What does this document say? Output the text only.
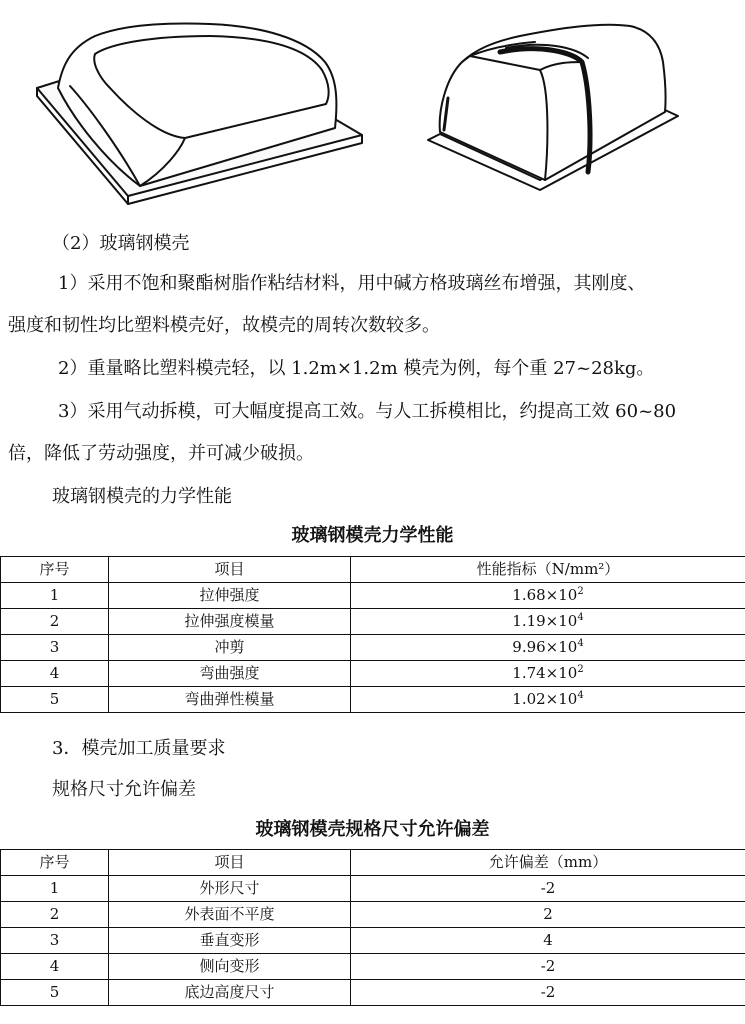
（2）玻璃钢模壳
1）采用不饱和聚酯树脂作粘结材料，用中碱方格玻璃丝布增强，其刚度、
强度和韧性均比塑料模壳好，故模壳的周转次数较多。
2）重量略比塑料模壳轻，以 1.2m×1.2m 模壳为例，每个重 27~28kg。
3）采用气动拆模，可大幅度提高工效。与人工拆模相比，约提高工效 60~80
倍，降低了劳动强度，并可减少破损。
玻璃钢模壳的力学性能
玻璃钢模壳力学性能
序号	项目	性能指标（N/mm²）
1	拉伸强度	$1.68\times 10^2$
2	拉伸强度模量	$1.19\times 10^4$
3	冲剪	$9.96\times 10^4$
4	弯曲强度	$1.74\times 10^2$
5	弯曲弹性模量	$1.02\times 10^4$
3．模壳加工质量要求
规格尺寸允许偏差
玻璃钢模壳规格尺寸允许偏差
序号	项目	允许偏差（mm）
1	外形尺寸	-2
2	外表面不平度	2
3	垂直变形	4
4	侧向变形	-2
5	底边高度尺寸	-2
